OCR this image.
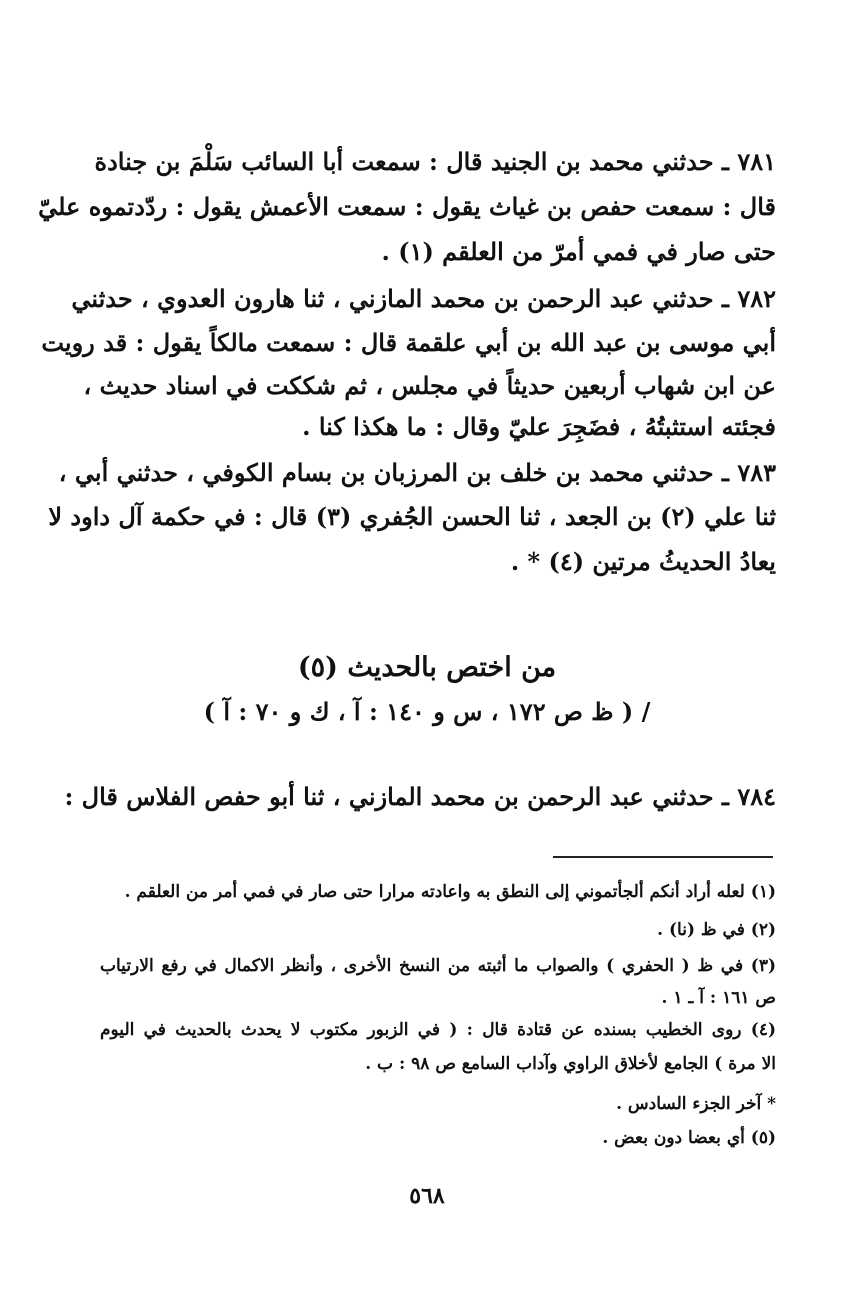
٧٨١ ـ حدثني محمد بن الجنيد قال : سمعت أبا السائب سَلْمَ بن جنادة
قال : سمعت حفص بن غياث يقول : سمعت الأعمش يقول : ردّدتموه عليّ
حتى صار في فمي أمرّ من العلقم (١) .
٧٨٢ ـ حدثني عبد الرحمن بن محمد المازني ، ثنا هارون العدوي ، حدثني
أبي موسى بن عبد الله بن أبي علقمة قال : سمعت مالكاً يقول : قد رويت
عن ابن شهاب أربعين حديثاً في مجلس ، ثم شككت في اسناد حديث ،
فجئته استثبتُهُ ، فضَجِرَ عليّ وقال : ما هكذا كنا .
٧٨٣ ـ حدثني محمد بن خلف بن المرزبان بن بسام الكوفي ، حدثني أبي ،
ثنا علي (٢) بن الجعد ، ثنا الحسن الجُفري (٣) قال : في حكمة آل داود لا
يعادُ الحديثُ مرتين (٤) * .
من اختص بالحديث (٥)
/ ( ظ ص ١٧٢ ، س و ١٤٠ : آ ، ك و ٧٠ : آ )
٧٨٤ ـ حدثني عبد الرحمن بن محمد المازني ، ثنا أبو حفص الفلاس قال :
(١) لعله أراد أنكم ألجأتموني إلى النطق به واعادته مرارا حتى صار في فمي أمر من العلقم .
(٢) في ظ (نا) .
(٣) في ظ ( الحفري ) والصواب ما أثبته من النسخ الأخرى ، وأنظر الاكمال في رفع الارتياب
ص ١٦١ : آ ـ ١ .
(٤) روى الخطيب بسنده عن قتادة قال : ( في الزبور مكتوب لا يحدث بالحديث في اليوم
الا مرة ) الجامع لأخلاق الراوي وآداب السامع ص ٩٨ : ب .
* آخر الجزء السادس .
(٥) أي بعضا دون بعض .
٥٦٨
